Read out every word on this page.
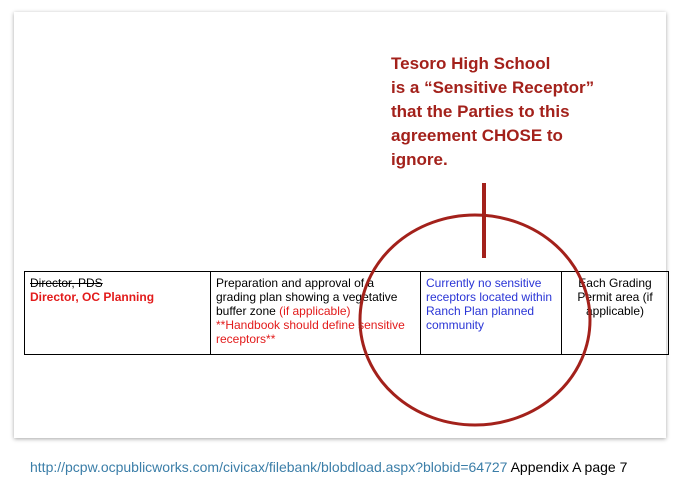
Tesoro High School
is a “Sensitive Receptor”
that the Parties to this
agreement CHOSE to
ignore.
Director, PDS
Director, OC Planning
	Preparation and approval of a grading plan showing a vegetative buffer zone (if applicable) **Handbook should define sensitive receptors**	Currently no sensitive receptors located within Ranch Plan planned community	Each Grading Permit area (if applicable)
http://pcpw.ocpublicworks.com/civicax/filebank/blobdload.aspx?blobid=64727 Appendix A page 7
